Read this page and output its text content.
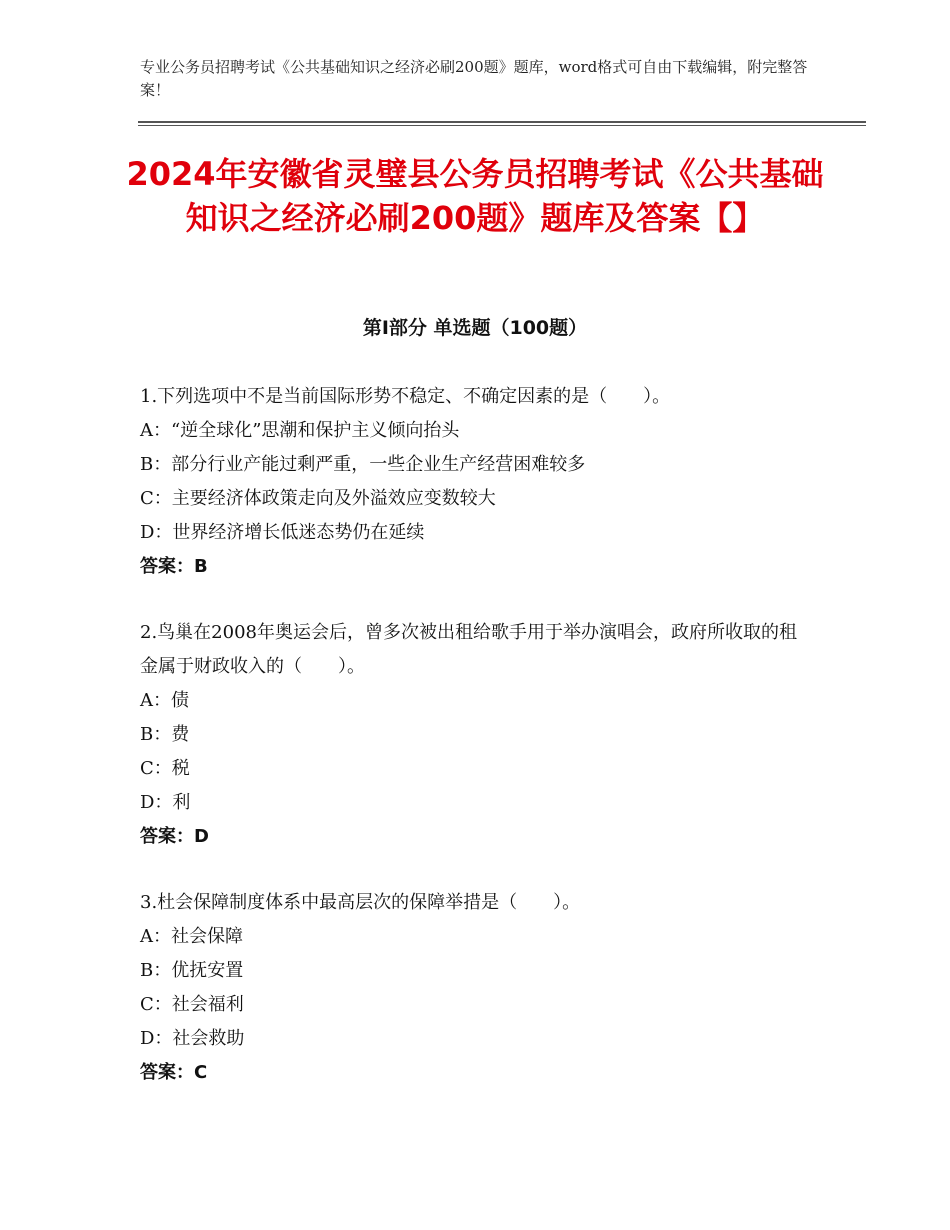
专业公务员招聘考试《公共基础知识之经济必刷200题》题库，word格式可自由下载编辑，附完整答案！
2024年安徽省灵璧县公务员招聘考试《公共基础知识之经济必刷200题》题库及答案【】
第I部分 单选题（100题）
1.下列选项中不是当前国际形势不稳定、不确定因素的是（　　）。
A：“逆全球化”思潮和保护主义倾向抬头
B：部分行业产能过剩严重，一些企业生产经营困难较多
C：主要经济体政策走向及外溢效应变数较大
D：世界经济增长低迷态势仍在延续
答案：B
2.鸟巢在2008年奥运会后，曾多次被出租给歌手用于举办演唱会，政府所收取的租金属于财政收入的（　　）。
A：债
B：费
C：税
D：利
答案：D
3.杜会保障制度体系中最高层次的保障举措是（　　）。
A：社会保障
B：优抚安置
C：社会福利
D：社会救助
答案：C
